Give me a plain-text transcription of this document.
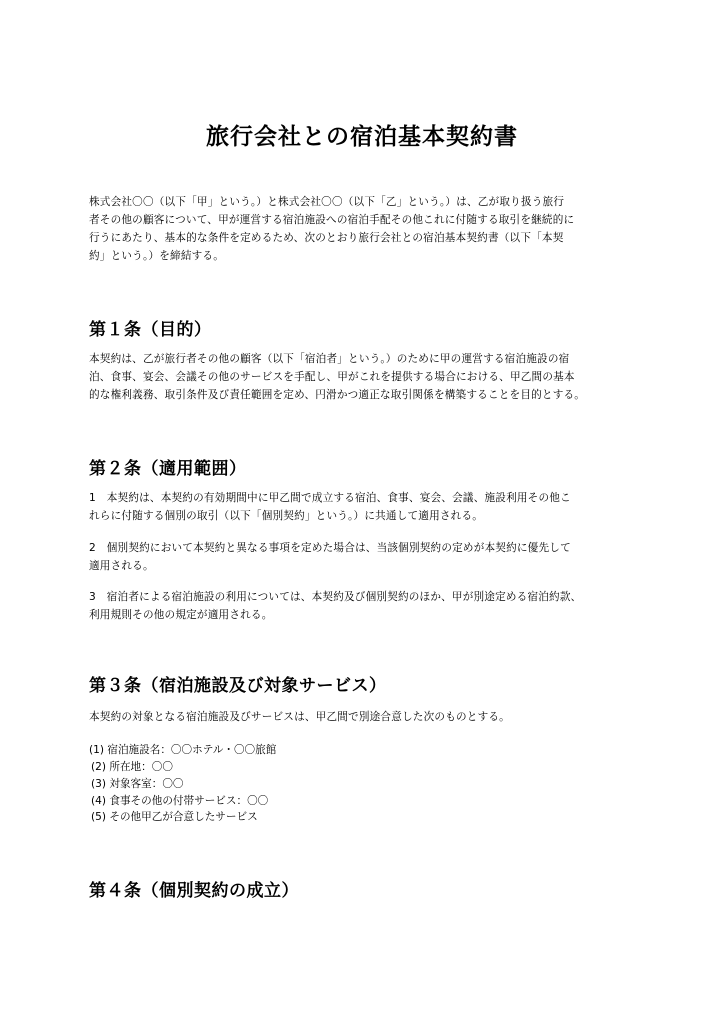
旅行会社との宿泊基本契約書

株式会社〇〇（以下「甲」という。）と株式会社〇〇（以下「乙」という。）は、乙が取り扱う旅行
者その他の顧客について、甲が運営する宿泊施設への宿泊手配その他これに付随する取引を継続的に
行うにあたり、基本的な条件を定めるため、次のとおり旅行会社との宿泊基本契約書（以下「本契
約」という。）を締結する。

第１条（目的）

本契約は、乙が旅行者その他の顧客（以下「宿泊者」という。）のために甲の運営する宿泊施設の宿
泊、食事、宴会、会議その他のサービスを手配し、甲がこれを提供する場合における、甲乙間の基本
的な権利義務、取引条件及び責任範囲を定め、円滑かつ適正な取引関係を構築することを目的とする。

第２条（適用範囲）

1　本契約は、本契約の有効期間中に甲乙間で成立する宿泊、食事、宴会、会議、施設利用その他こ
れらに付随する個別の取引（以下「個別契約」という。）に共通して適用される。

2　個別契約において本契約と異なる事項を定めた場合は、当該個別契約の定めが本契約に優先して
適用される。

3　宿泊者による宿泊施設の利用については、本契約及び個別契約のほか、甲が別途定める宿泊約款、
利用規則その他の規定が適用される。

第３条（宿泊施設及び対象サービス）

本契約の対象となる宿泊施設及びサービスは、甲乙間で別途合意した次のものとする。

(1) 宿泊施設名：〇〇ホテル・〇〇旅館

(2) 所在地：〇〇

(3) 対象客室：〇〇

(4) 食事その他の付帯サービス：〇〇

(5) その他甲乙が合意したサービス

第４条（個別契約の成立）
